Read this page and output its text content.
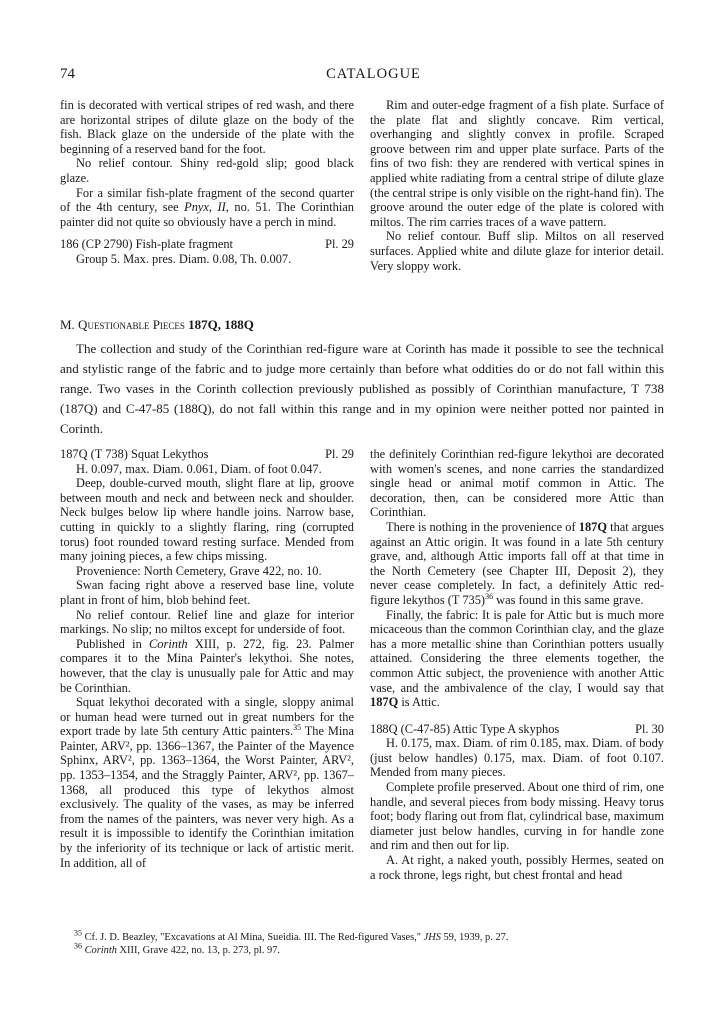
74	CATALOGUE

fin is decorated with vertical stripes of red wash, and there are horizontal stripes of dilute glaze on the body of the fish. Black glaze on the underside of the plate with the beginning of a reserved band for the foot.

No relief contour. Shiny red-gold slip; good black glaze.

For a similar fish-plate fragment of the second quarter of the 4th century, see Pnyx, II, no. 51. The Corinthian painter did not quite so obviously have a perch in mind.

186 (CP 2790) Fish-plate fragment	Pl. 29

Group 5. Max. pres. Diam. 0.08, Th. 0.007.

Rim and outer-edge fragment of a fish plate. Surface of the plate flat and slightly concave. Rim vertical, overhanging and slightly convex in profile. Scraped groove between rim and upper plate surface. Parts of the fins of two fish: they are rendered with vertical spines in applied white radiating from a central stripe of dilute glaze (the central stripe is only visible on the right-hand fin). The groove around the outer edge of the plate is colored with miltos. The rim carries traces of a wave pattern.

No relief contour. Buff slip. Miltos on all reserved surfaces. Applied white and dilute glaze for interior detail. Very sloppy work.

M. Questionable Pieces 187Q, 188Q
The collection and study of the Corinthian red-figure ware at Corinth has made it possible to see the technical and stylistic range of the fabric and to judge more certainly than before what oddities do or do not fall within this range. Two vases in the Corinth collection previously published as possibly of Corinthian manufacture, T 738 (187Q) and C-47-85 (188Q), do not fall within this range and in my opinion were neither potted nor painted in Corinth.
187Q (T 738) Squat Lekythos	Pl. 29

H. 0.097, max. Diam. 0.061, Diam. of foot 0.047.

Deep, double-curved mouth, slight flare at lip, groove between mouth and neck and between neck and shoulder. Neck bulges below lip where handle joins. Narrow base, cutting in quickly to a slightly flaring, ring (corrupted torus) foot rounded toward resting surface. Mended from many joining pieces, a few chips missing.

Provenience: North Cemetery, Grave 422, no. 10.

Swan facing right above a reserved base line, volute plant in front of him, blob behind feet.

No relief contour. Relief line and glaze for interior markings. No slip; no miltos except for underside of foot.

Published in Corinth XIII, p. 272, fig. 23. Palmer compares it to the Mina Painter's lekythoi. She notes, however, that the clay is unusually pale for Attic and may be Corinthian.

Squat lekythoi decorated with a single, sloppy animal or human head were turned out in great numbers for the export trade by late 5th century Attic painters.$^{35}$ The Mina Painter, ARV², pp. 1366–1367, the Painter of the Mayence Sphinx, ARV², pp. 1363–1364, the Worst Painter, ARV², pp. 1353–1354, and the Straggly Painter, ARV², pp. 1367–1368, all produced this type of lekythos almost exclusively. The quality of the vases, as may be inferred from the names of the painters, was never very high. As a result it is impossible to identify the Corinthian imitation by the inferiority of its technique or lack of artistic merit. In addition, all of

the definitely Corinthian red-figure lekythoi are decorated with women's scenes, and none carries the standardized single head or animal motif common in Attic. The decoration, then, can be considered more Attic than Corinthian.

There is nothing in the provenience of 187Q that argues against an Attic origin. It was found in a late 5th century grave, and, although Attic imports fall off at that time in the North Cemetery (see Chapter III, Deposit 2), they never cease completely. In fact, a definitely Attic red-figure lekythos (T 735)$^{36}$ was found in this same grave.

Finally, the fabric: It is pale for Attic but is much more micaceous than the common Corinthian clay, and the glaze has a more metallic shine than Corinthian potters usually attained. Considering the three elements together, the common Attic subject, the provenience with another Attic vase, and the ambivalence of the clay, I would say that 187Q is Attic.

188Q (C-47-85) Attic Type A skyphos	Pl. 30

H. 0.175, max. Diam. of rim 0.185, max. Diam. of body (just below handles) 0.175, max. Diam. of foot 0.107. Mended from many pieces.

Complete profile preserved. About one third of rim, one handle, and several pieces from body missing. Heavy torus foot; body flaring out from flat, cylindrical base, maximum diameter just below handles, curving in for handle zone and rim and then out for lip.

A. At right, a naked youth, possibly Hermes, seated on a rock throne, legs right, but chest frontal and head

$^{35}$ Cf. J. D. Beazley, "Excavations at Al Mina, Sueidia. III. The Red-figured Vases," JHS 59, 1939, p. 27.

$^{36}$ Corinth XIII, Grave 422, no. 13, p. 273, pl. 97.
